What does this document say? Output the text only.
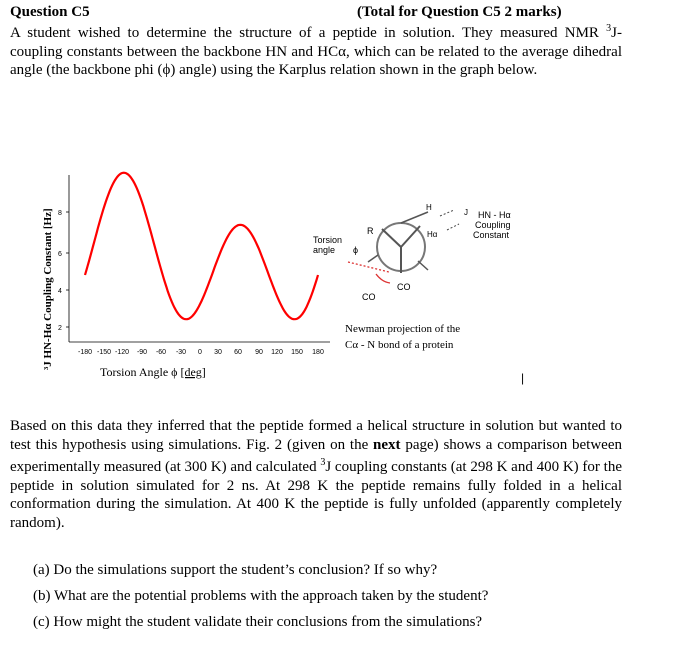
Question C5	(Total for Question C5 2 marks)
A student wished to determine the structure of a peptide in solution. They measured NMR $^3$J-coupling constants between the backbone HN and HCα, which can be related to the average dihedral angle (the backbone phi (ϕ) angle) using the Karplus relation shown in the graph below.
³J HN-Hα Coupling Constant [Hz] 8
6
4
2
-180 -150 -120 -90 -60 -30 0 30 60 90 120 150 180
Torsion Angle ϕ [deg]
H
J HN - Hα
Coupling
Constant
R	Hα
Torsion
angle ϕ
CO
CO
Newman projection of the
Cα - N bond of a protein
|
Based on this data they inferred that the peptide formed a helical structure in solution but wanted to test this hypothesis using simulations. Fig. 2 (given on the next page) shows a comparison between experimentally measured (at 300 K) and calculated $^3$J coupling constants (at 298 K and 400 K) for the peptide in solution simulated for 2 ns. At 298 K the peptide remains fully folded in a helical conformation during the simulation. At 400 K the peptide is fully unfolded (apparently completely random).
(a) Do the simulations support the student’s conclusion? If so why?
(b) What are the potential problems with the approach taken by the student?
(c) How might the student validate their conclusions from the simulations?
